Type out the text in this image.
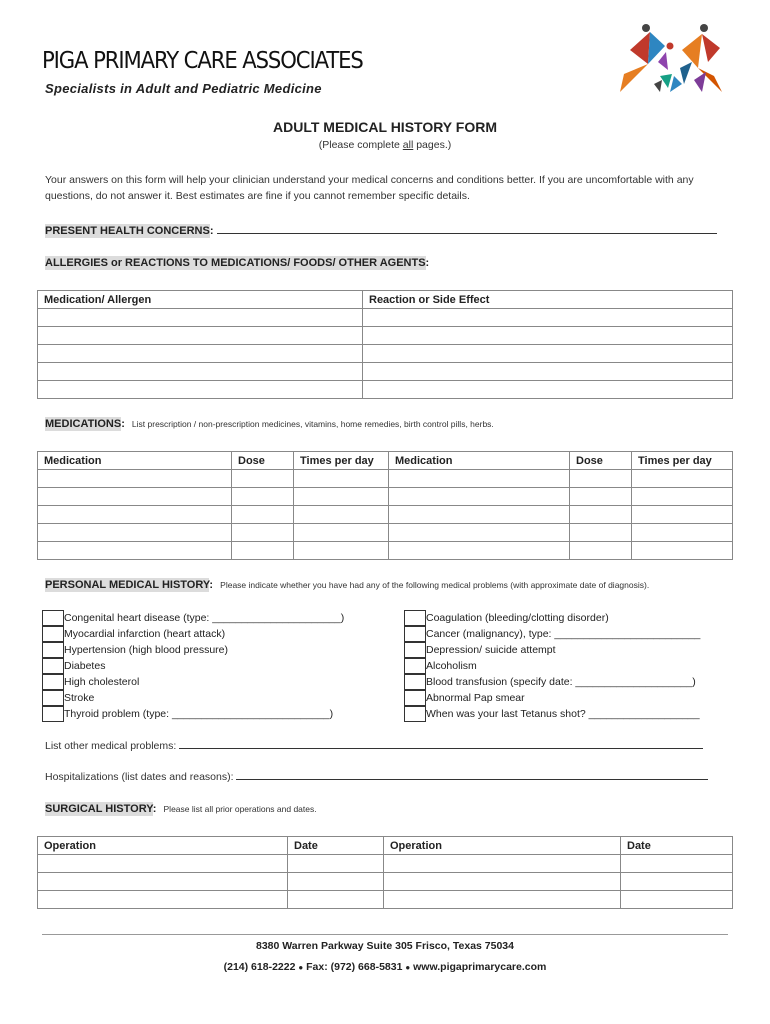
PIGA PRIMARY CARE ASSOCIATES
Specialists in Adult and Pediatric Medicine
ADULT MEDICAL HISTORY FORM
(Please complete all pages.)
Your answers on this form will help your clinician understand your medical concerns and conditions better. If you are uncomfortable with any questions, do not answer it. Best estimates are fine if you cannot remember specific details.
PRESENT HEALTH CONCERNS:
ALLERGIES or REACTIONS TO MEDICATIONS/ FOODS/ OTHER AGENTS:
Medication/ Allergen	Reaction or Side Effect

MEDICATIONS: List prescription / non-prescription medicines, vitamins, home remedies, birth control pills, herbs.
Medication	Dose	Times per day	Medication	Dose	Times per day

PERSONAL MEDICAL HISTORY: Please indicate whether you have had any of the following medical problems (with approximate date of diagnosis).
Congenital heart disease (type: ______________________)
Myocardial infarction (heart attack)
Hypertension (high blood pressure)
Diabetes
High cholesterol
Stroke
Thyroid problem (type: ___________________________)
Coagulation (bleeding/clotting disorder)
Cancer (malignancy), type: _________________________
Depression/ suicide attempt
Alcoholism
Blood transfusion (specify date: ____________________)
Abnormal Pap smear
When was your last Tetanus shot? ___________________
List other medical problems:
Hospitalizations (list dates and reasons):
SURGICAL HISTORY: Please list all prior operations and dates.
Operation	Date	Operation	Date

8380 Warren Parkway Suite 305 Frisco, Texas 75034
(214) 618-2222 ● Fax: (972) 668-5831 ● www.pigaprimarycare.com
